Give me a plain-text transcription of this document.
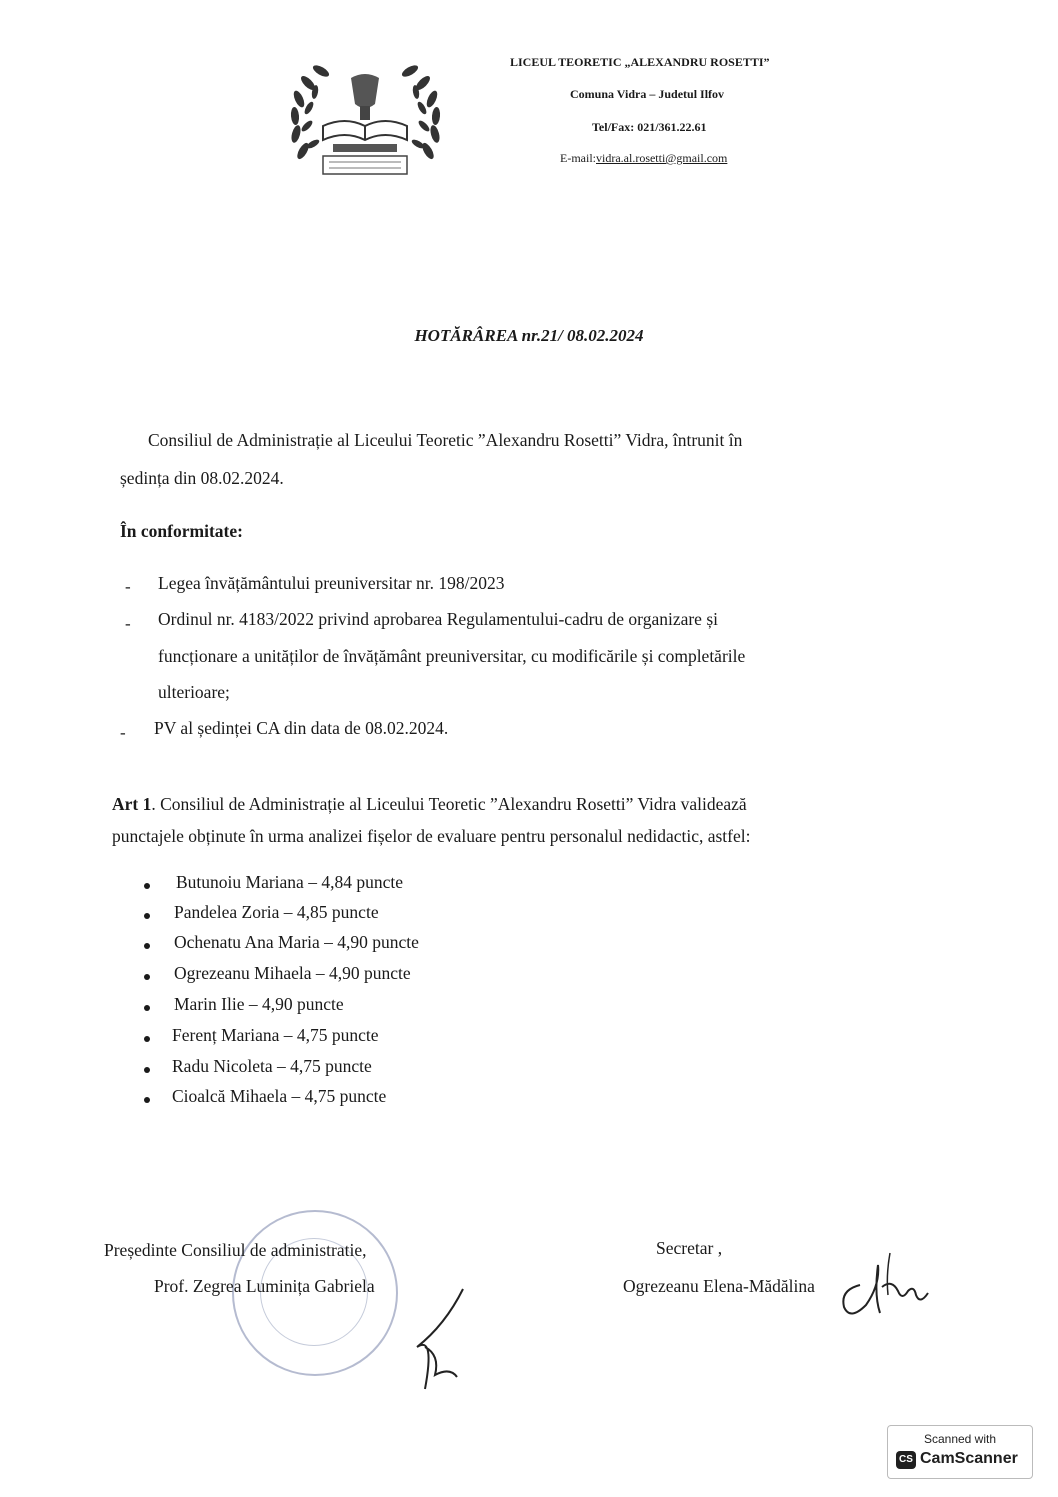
LICEUL TEORETIC „ALEXANDRU ROSETTI”
Comuna Vidra – Judetul Ilfov
Tel/Fax: 021/361.22.61
E-mail:vidra.al.rosetti@gmail.com
HOTĂRÂREA nr.21/ 08.02.2024
Consiliul de Administrație al Liceului Teoretic ”Alexandru Rosetti” Vidra, întrunit în
ședința din 08.02.2024.
În conformitate:
- Legea învățământului preuniversitar nr. 198/2023
- Ordinul nr. 4183/2022 privind aprobarea Regulamentului-cadru de organizare și
funcționare a unităților de învățământ preuniversitar, cu modificările și completările
ulterioare;
- PV al ședinței CA din data de 08.02.2024.
Art 1. Consiliul de Administrație al Liceului Teoretic ”Alexandru Rosetti” Vidra validează
punctajele obținute în urma analizei fișelor de evaluare pentru personalul nedidactic, astfel:
Butunoiu Mariana – 4,84 puncte
Pandelea Zoria – 4,85 puncte
Ochenatu Ana Maria – 4,90 puncte
Ogrezeanu Mihaela – 4,90 puncte
Marin Ilie – 4,90 puncte
Ferenț Mariana – 4,75 puncte
Radu Nicoleta – 4,75 puncte
Cioalcă Mihaela – 4,75 puncte
Președinte Consiliul de administratie,
Prof. Zegrea Luminița Gabriela
Secretar ,
Ogrezeanu Elena-Mădălina
Scanned with
CS CamScanner
